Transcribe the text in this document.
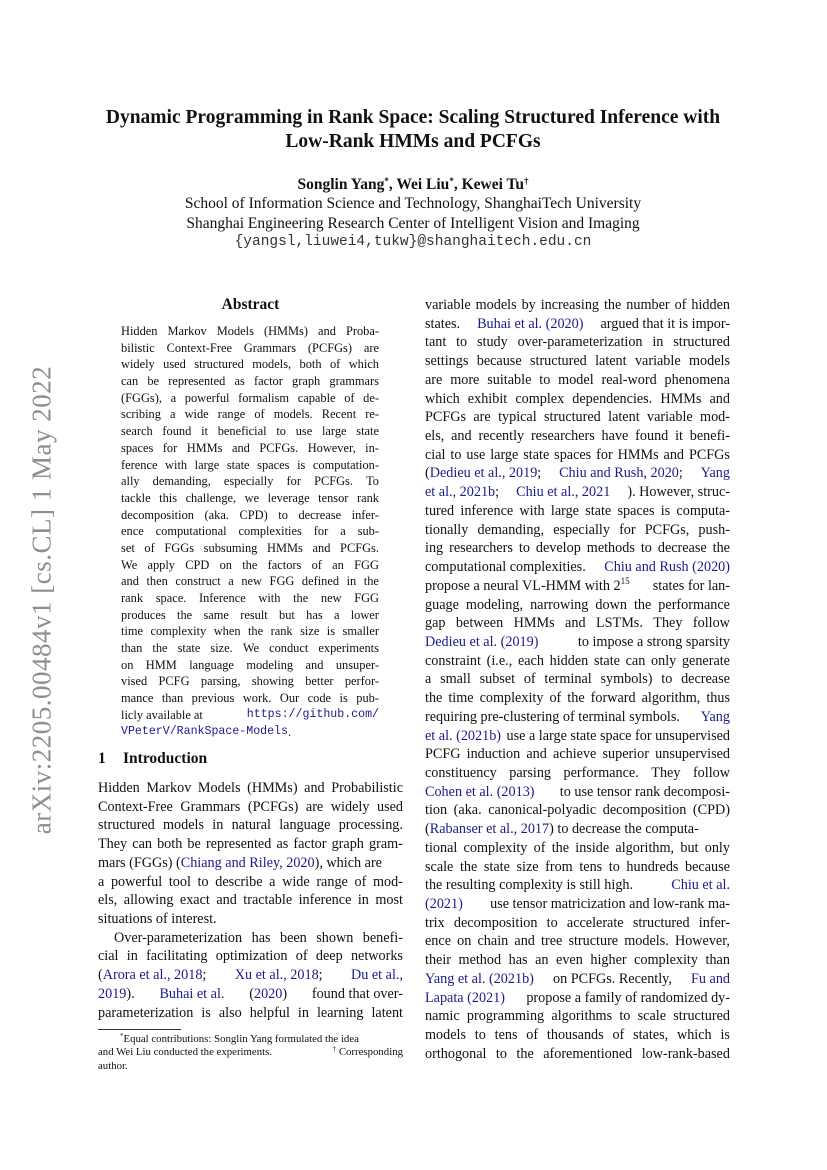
arXiv:2205.00484v1 [cs.CL] 1 May 2022
Dynamic Programming in Rank Space: Scaling Structured Inference with
Low-Rank HMMs and PCFGs
Songlin Yang*, Wei Liu*, Kewei Tu†
School of Information Science and Technology, ShanghaiTech University
Shanghai Engineering Research Center of Intelligent Vision and Imaging
{yangsl,liuwei4,tukw}@shanghaitech.edu.cn
Abstract
Hidden Markov Models (HMMs) and Proba-
bilistic Context-Free Grammars (PCFGs) are
widely used structured models, both of which
can be represented as factor graph grammars
(FGGs), a powerful formalism capable of de-
scribing a wide range of models. Recent re-
search found it beneficial to use large state
spaces for HMMs and PCFGs. However, in-
ference with large state spaces is computation-
ally demanding, especially for PCFGs. To
tackle this challenge, we leverage tensor rank
decomposition (aka. CPD) to decrease infer-
ence computational complexities for a sub-
set of FGGs subsuming HMMs and PCFGs.
We apply CPD on the factors of an FGG
and then construct a new FGG defined in the
rank space. Inference with the new FGG
produces the same result but has a lower
time complexity when the rank size is smaller
than the state size. We conduct experiments
on HMM language modeling and unsuper-
vised PCFG parsing, showing better perfor-
mance than previous work. Our code is pub-
licly available at	https://github.com/
VPeterV/RankSpace-Models .
1 Introduction
Hidden Markov Models (HMMs) and Probabilistic
Context-Free Grammars (PCFGs) are widely used
structured models in natural language processing.
They can both be represented as factor graph gram-
mars (FGGs) (Chiang and Riley, 2020), which are
a powerful tool to describe a wide range of mod-
els, allowing exact and tractable inference in most
situations of interest.
Over-parameterization has been shown benefi-
cial in facilitating optimization of deep networks
(Arora et al., 2018; Xu et al., 2018; Du et al.,
2019). Buhai et al. (2020) found that over-
parameterization is also helpful in learning latent
*Equal contributions: Songlin Yang formulated the idea
and Wei Liu conducted the experiments.	† Corresponding
author.
variable models by increasing the number of hidden
states. Buhai et al. (2020) argued that it is impor-
tant to study over-parameterization in structured
settings because structured latent variable models
are more suitable to model real-word phenomena
which exhibit complex dependencies. HMMs and
PCFGs are typical structured latent variable mod-
els, and recently researchers have found it benefi-
cial to use large state spaces for HMMs and PCFGs
(Dedieu et al., 2019; Chiu and Rush, 2020; Yang
et al., 2021b; Chiu et al., 2021 ). However, struc-
tured inference with large state spaces is computa-
tionally demanding, especially for PCFGs, push-
ing researchers to develop methods to decrease the
computational complexities. Chiu and Rush (2020)
propose a neural VL-HMM with $2^{15}$ states for lan-
guage modeling, narrowing down the performance
gap between HMMs and LSTMs. They follow
Dedieu et al. (2019)	to impose a strong sparsity
constraint (i.e., each hidden state can only generate
a small subset of terminal symbols) to decrease
the time complexity of the forward algorithm, thus
requiring pre-clustering of terminal symbols. Yang
et al. (2021b) use a large state space for unsupervised
PCFG induction and achieve superior unsupervised
constituency parsing performance. They follow
Cohen et al. (2013) to use tensor rank decomposi-
tion (aka. canonical-polyadic decomposition (CPD)
(Rabanser et al., 2017) to decrease the computa-
tional complexity of the inside algorithm, but only
scale the state size from tens to hundreds because
the resulting complexity is still high.	Chiu et al.
(2021) use tensor matricization and low-rank ma-
trix decomposition to accelerate structured infer-
ence on chain and tree structure models. However,
their method has an even higher complexity than
Yang et al. (2021b) on PCFGs. Recently, Fu and
Lapata (2021) propose a family of randomized dy-
namic programming algorithms to scale structured
models to tens of thousands of states, which is
orthogonal to the aforementioned low-rank-based
